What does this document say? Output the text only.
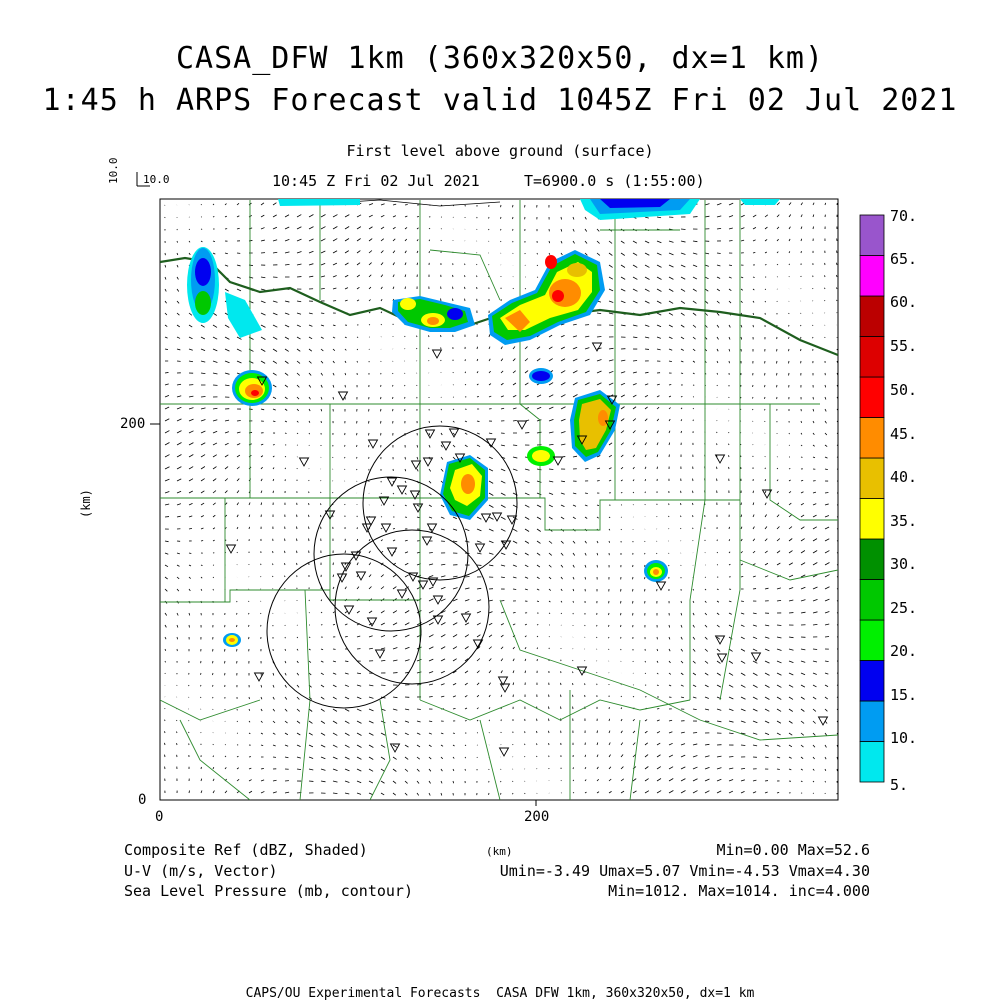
CASA_DFW 1km (360x320x50, dx=1 km)
1:45 h ARPS Forecast valid 1045Z Fri 02 Jul 2021
First level above ground (surface)
10:45 Z Fri 02 Jul 2021	T=6900.0 s (1:55:00)
10.0 10.0
200
0
0	200
(km)
5.
10.
15.
20.
25.
30.
35.
40.
45.
50.
55.
60.
65.
70.
Composite Ref (dBZ, Shaded)	(km)	Min=0.00 Max=52.6
U-V (m/s, Vector)	Umin=-3.49 Umax=5.07 Vmin=-4.53 Vmax=4.30
Sea Level Pressure (mb, contour)	Min=1012. Max=1014. inc=4.000
CAPS/OU Experimental Forecasts  CASA DFW 1km, 360x320x50, dx=1 km
